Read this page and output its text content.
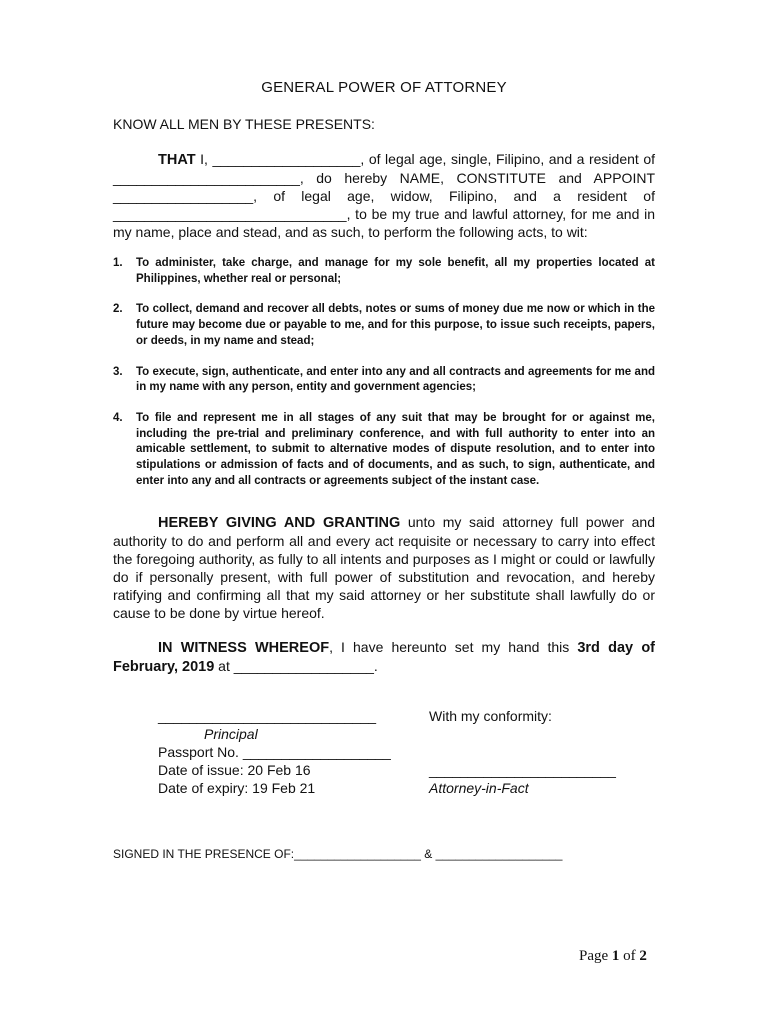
GENERAL POWER OF ATTORNEY
KNOW ALL MEN BY THESE PRESENTS:
THAT I, ___________________, of legal age, single, Filipino, and a resident of ________________________, do hereby NAME, CONSTITUTE and APPOINT __________________, of legal age, widow, Filipino, and a resident of ______________________________, to be my true and lawful attorney, for me and in my name, place and stead, and as such, to perform the following acts, to wit:
1. To administer, take charge, and manage for my sole benefit, all my properties located at Philippines, whether real or personal;
2. To collect, demand and recover all debts, notes or sums of money due me now or which in the future may become due or payable to me, and for this purpose, to issue such receipts, papers, or deeds, in my name and stead;
3. To execute, sign, authenticate, and enter into any and all contracts and agreements for me and in my name with any person, entity and government agencies;
4. To file and represent me in all stages of any suit that may be brought for or against me, including the pre-trial and preliminary conference, and with full authority to enter into an amicable settlement, to submit to alternative modes of dispute resolution, and to enter into stipulations or admission of facts and of documents, and as such, to sign, authenticate, and enter into any and all contracts or agreements subject of the instant case.
HEREBY GIVING AND GRANTING unto my said attorney full power and authority to do and perform all and every act requisite or necessary to carry into effect the foregoing authority, as fully to all intents and purposes as I might or could or lawfully do if personally present, with full power of substitution and revocation, and hereby ratifying and confirming all that my said attorney or her substitute shall lawfully do or cause to be done by virtue hereof.
IN WITNESS WHEREOF, I have hereunto set my hand this 3rd day of February, 2019 at __________________.
____________________________
Principal
Passport No. ___________________
Date of issue: 20 Feb 16
Date of expiry: 19 Feb 21
With my conformity:
________________________
Attorney-in-Fact
SIGNED IN THE PRESENCE OF:___________________ & ___________________
Page 1 of 2
